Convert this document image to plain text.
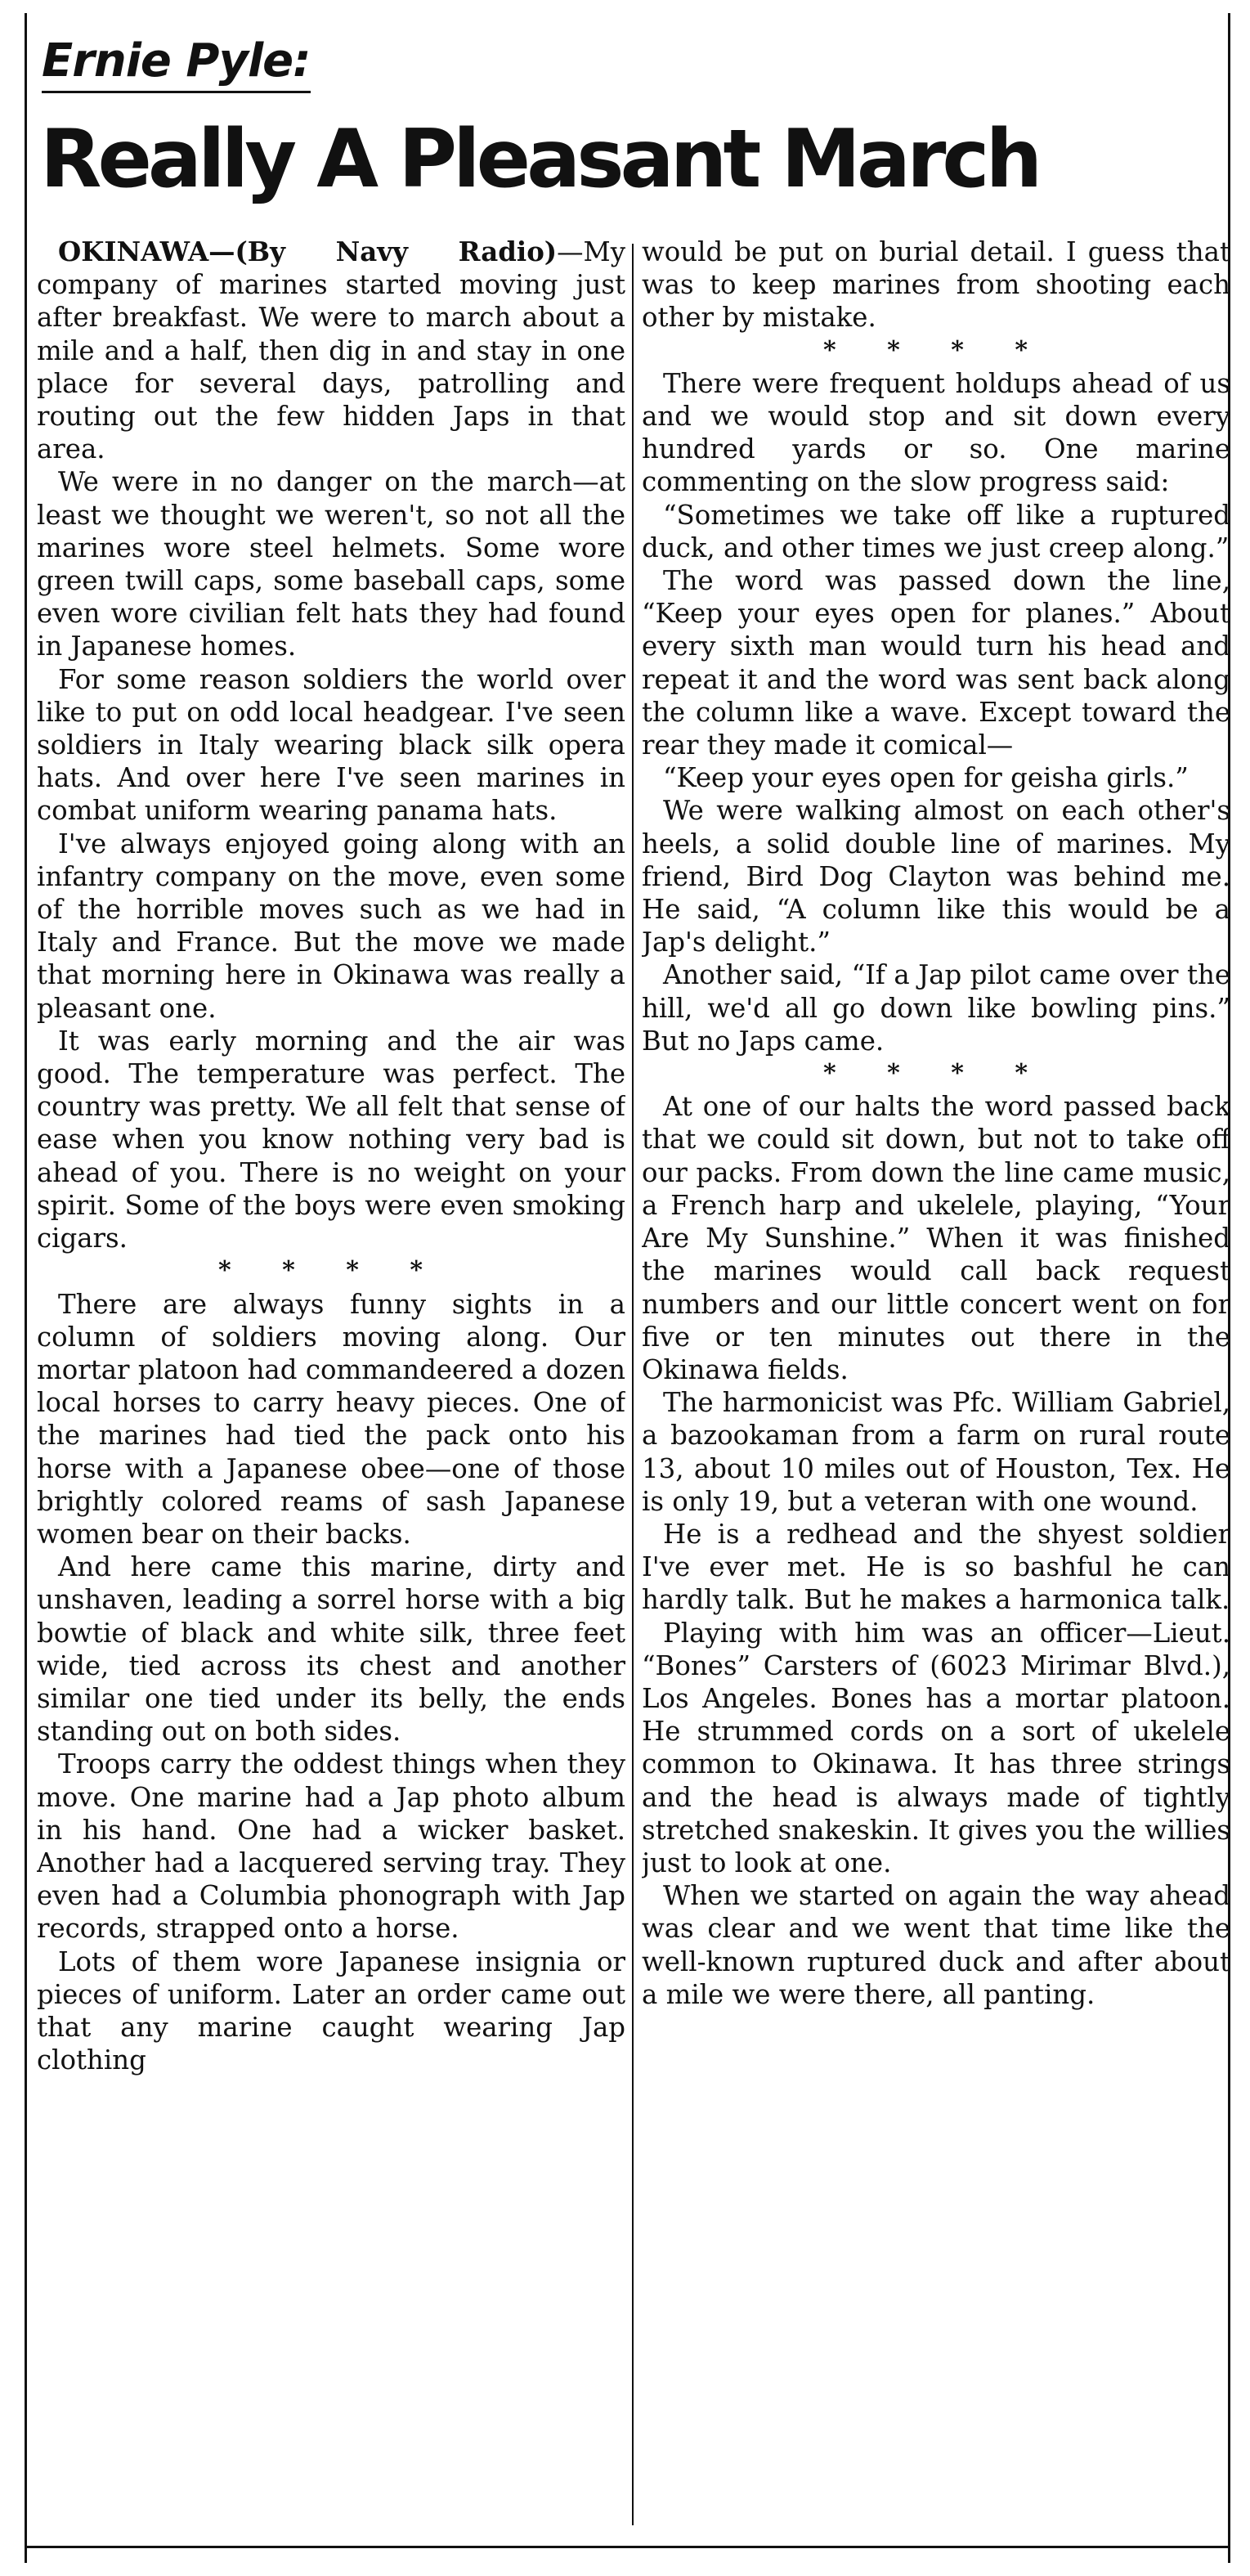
Ernie Pyle:
Really A Pleasant March

OKINAWA—(By Navy Radio)—My company of marines started moving just after breakfast. We were to march about a mile and a half, then dig in and stay in one place for several days, patrolling and routing out the few hidden Japs in that area.

We were in no danger on the march—at least we thought we weren't, so not all the marines wore steel helmets. Some wore green twill caps, some baseball caps, some even wore civilian felt hats they had found in Japanese homes.

For some reason soldiers the world over like to put on odd local headgear. I've seen soldiers in Italy wearing black silk opera hats. And over here I've seen marines in combat uniform wearing panama hats.

I've always enjoyed going along with an infantry company on the move, even some of the horrible moves such as we had in Italy and France. But the move we made that morning here in Okinawa was really a pleasant one.

It was early morning and the air was good. The temperature was perfect. The country was pretty. We all felt that sense of ease when you know nothing very bad is ahead of you. There is no weight on your spirit. Some of the boys were even smoking cigars.

* * * *

There are always funny sights in a column of soldiers moving along. Our mortar platoon had commandeered a dozen local horses to carry heavy pieces. One of the marines had tied the pack onto his horse with a Japanese obee—one of those brightly colored reams of sash Japanese women bear on their backs.

And here came this marine, dirty and unshaven, leading a sorrel horse with a big bowtie of black and white silk, three feet wide, tied across its chest and another similar one tied under its belly, the ends standing out on both sides.

Troops carry the oddest things when they move. One marine had a Jap photo album in his hand. One had a wicker basket. Another had a lacquered serving tray. They even had a Columbia phonograph with Jap records, strapped onto a horse.

Lots of them wore Japanese insignia or pieces of uniform. Later an order came out that any marine caught wearing Jap clothing

would be put on burial detail. I guess that was to keep marines from shooting each other by mistake.

* * * *

There were frequent holdups ahead of us and we would stop and sit down every hundred yards or so. One marine commenting on the slow progress said:

“Sometimes we take off like a ruptured duck, and other times we just creep along.”

The word was passed down the line, “Keep your eyes open for planes.” About every sixth man would turn his head and repeat it and the word was sent back along the column like a wave. Except toward the rear they made it comical—

“Keep your eyes open for geisha girls.”

We were walking almost on each other's heels, a solid double line of marines. My friend, Bird Dog Clayton was behind me. He said, “A column like this would be a Jap's delight.”

Another said, “If a Jap pilot came over the hill, we'd all go down like bowling pins.” But no Japs came.

* * * *

At one of our halts the word passed back that we could sit down, but not to take off our packs. From down the line came music, a French harp and ukelele, playing, “Your Are My Sunshine.” When it was finished the marines would call back request numbers and our little concert went on for five or ten minutes out there in the Okinawa fields.

The harmonicist was Pfc. William Gabriel, a bazookaman from a farm on rural route 13, about 10 miles out of Houston, Tex. He is only 19, but a veteran with one wound.

He is a redhead and the shyest soldier I've ever met. He is so bashful he can hardly talk. But he makes a harmonica talk.

Playing with him was an officer—Lieut. “Bones” Carsters of (6023 Mirimar Blvd.), Los Angeles. Bones has a mortar platoon. He strummed cords on a sort of ukelele common to Okinawa. It has three strings and the head is always made of tightly stretched snakeskin. It gives you the willies just to look at one.

When we started on again the way ahead was clear and we went that time like the well-known ruptured duck and after about a mile we were there, all panting.
